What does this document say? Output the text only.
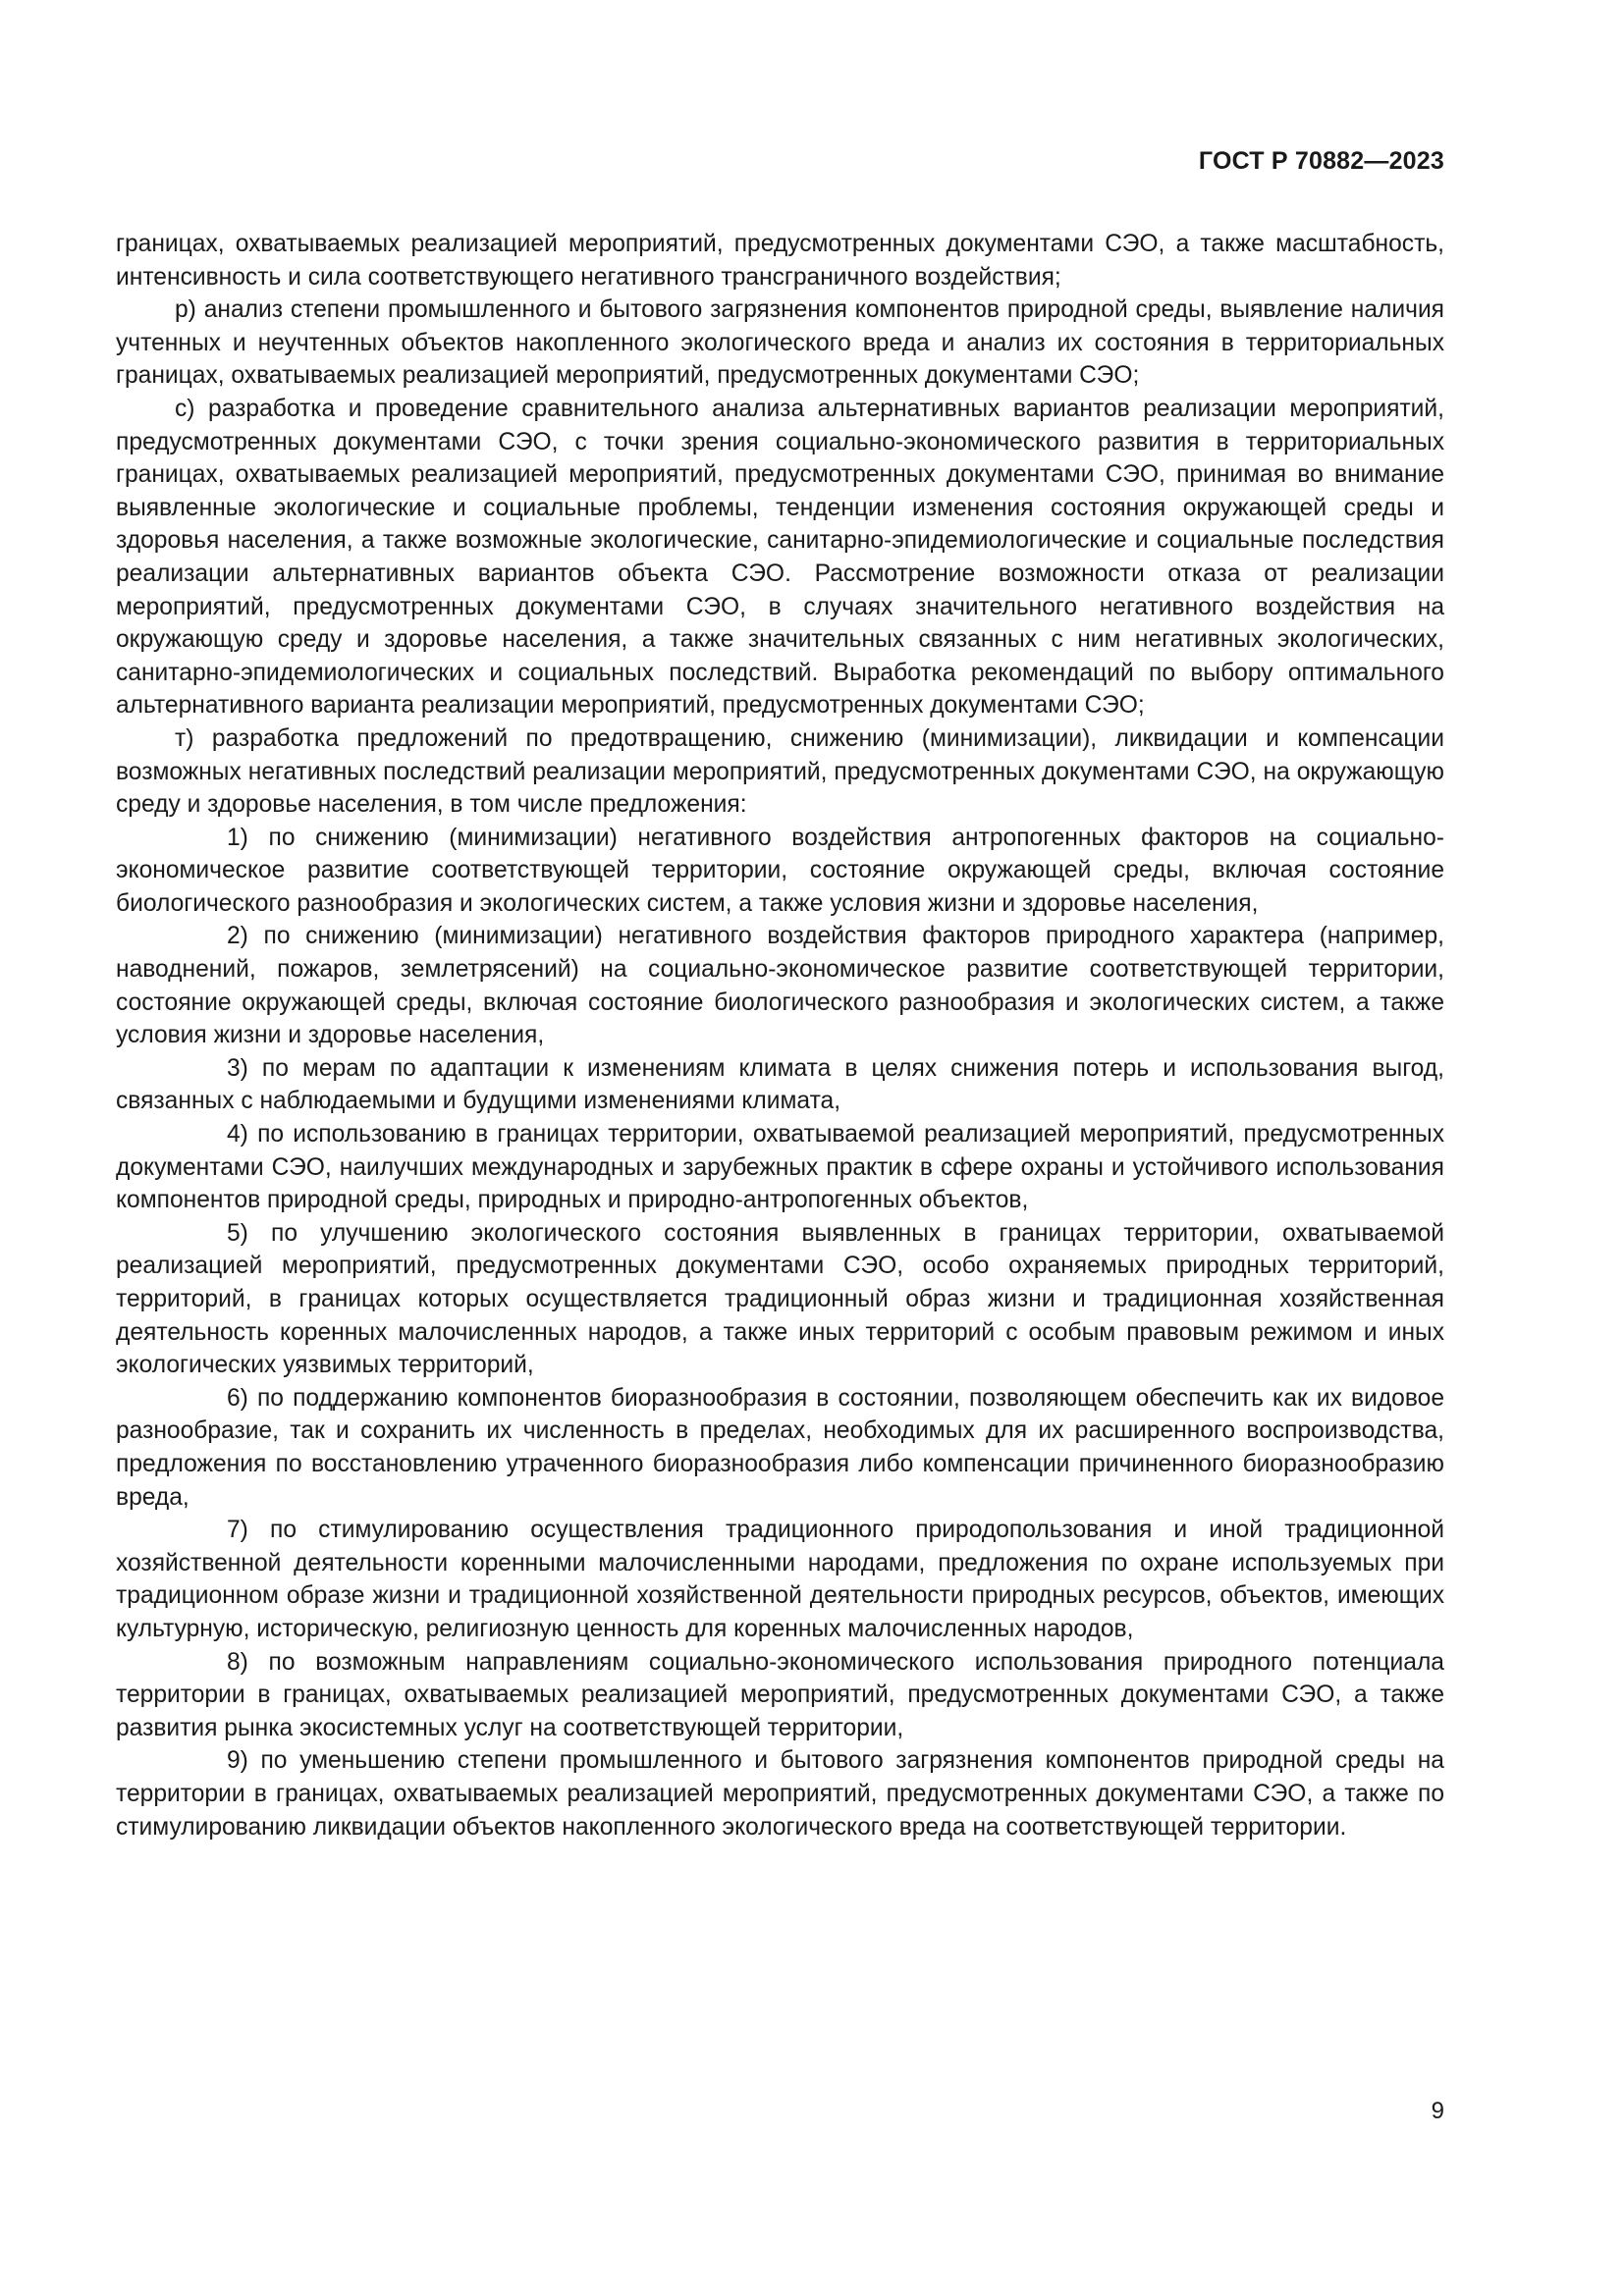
ГОСТ Р 70882—2023

границах, охватываемых реализацией мероприятий, предусмотренных документами СЭО, а также масштабность, интенсивность и сила соответствующего негативного трансграничного воздействия;

р) анализ степени промышленного и бытового загрязнения компонентов природной среды, выявление наличия учтенных и неучтенных объектов накопленного экологического вреда и анализ их состояния в территориальных границах, охватываемых реализацией мероприятий, предусмотренных документами СЭО;

с) разработка и проведение сравнительного анализа альтернативных вариантов реализации мероприятий, предусмотренных документами СЭО, с точки зрения социально-экономического развития в территориальных границах, охватываемых реализацией мероприятий, предусмотренных документами СЭО, принимая во внимание выявленные экологические и социальные проблемы, тенденции изменения состояния окружающей среды и здоровья населения, а также возможные экологические, санитарно-эпидемиологические и социальные последствия реализации альтернативных вариантов объекта СЭО. Рассмотрение возможности отказа от реализации мероприятий, предусмотренных документами СЭО, в случаях значительного негативного воздействия на окружающую среду и здоровье населения, а также значительных связанных с ним негативных экологических, санитарно-эпидемиологических и социальных последствий. Выработка рекомендаций по выбору оптимального альтернативного варианта реализации мероприятий, предусмотренных документами СЭО;

т) разработка предложений по предотвращению, снижению (минимизации), ликвидации и компенсации возможных негативных последствий реализации мероприятий, предусмотренных документами СЭО, на окружающую среду и здоровье населения, в том числе предложения:

1) по снижению (минимизации) негативного воздействия антропогенных факторов на социально-экономическое развитие соответствующей территории, состояние окружающей среды, включая состояние биологического разнообразия и экологических систем, а также условия жизни и здоровье населения,

2) по снижению (минимизации) негативного воздействия факторов природного характера (например, наводнений, пожаров, землетрясений) на социально-экономическое развитие соответствующей территории, состояние окружающей среды, включая состояние биологического разнообразия и экологических систем, а также условия жизни и здоровье населения,

3) по мерам по адаптации к изменениям климата в целях снижения потерь и использования выгод, связанных с наблюдаемыми и будущими изменениями климата,

4) по использованию в границах территории, охватываемой реализацией мероприятий, предусмотренных документами СЭО, наилучших международных и зарубежных практик в сфере охраны и устойчивого использования компонентов природной среды, природных и природно-антропогенных объектов,

5) по улучшению экологического состояния выявленных в границах территории, охватываемой реализацией мероприятий, предусмотренных документами СЭО, особо охраняемых природных территорий, территорий, в границах которых осуществляется традиционный образ жизни и традиционная хозяйственная деятельность коренных малочисленных народов, а также иных территорий с особым правовым режимом и иных экологических уязвимых территорий,

6) по поддержанию компонентов биоразнообразия в состоянии, позволяющем обеспечить как их видовое разнообразие, так и сохранить их численность в пределах, необходимых для их расширенного воспроизводства, предложения по восстановлению утраченного биоразнообразия либо компенсации причиненного биоразнообразию вреда,

7) по стимулированию осуществления традиционного природопользования и иной традиционной хозяйственной деятельности коренными малочисленными народами, предложения по охране используемых при традиционном образе жизни и традиционной хозяйственной деятельности природных ресурсов, объектов, имеющих культурную, историческую, религиозную ценность для коренных малочисленных народов,

8) по возможным направлениям социально-экономического использования природного потенциала территории в границах, охватываемых реализацией мероприятий, предусмотренных документами СЭО, а также развития рынка экосистемных услуг на соответствующей территории,

9) по уменьшению степени промышленного и бытового загрязнения компонентов природной среды на территории в границах, охватываемых реализацией мероприятий, предусмотренных документами СЭО, а также по стимулированию ликвидации объектов накопленного экологического вреда на соответствующей территории.

9
